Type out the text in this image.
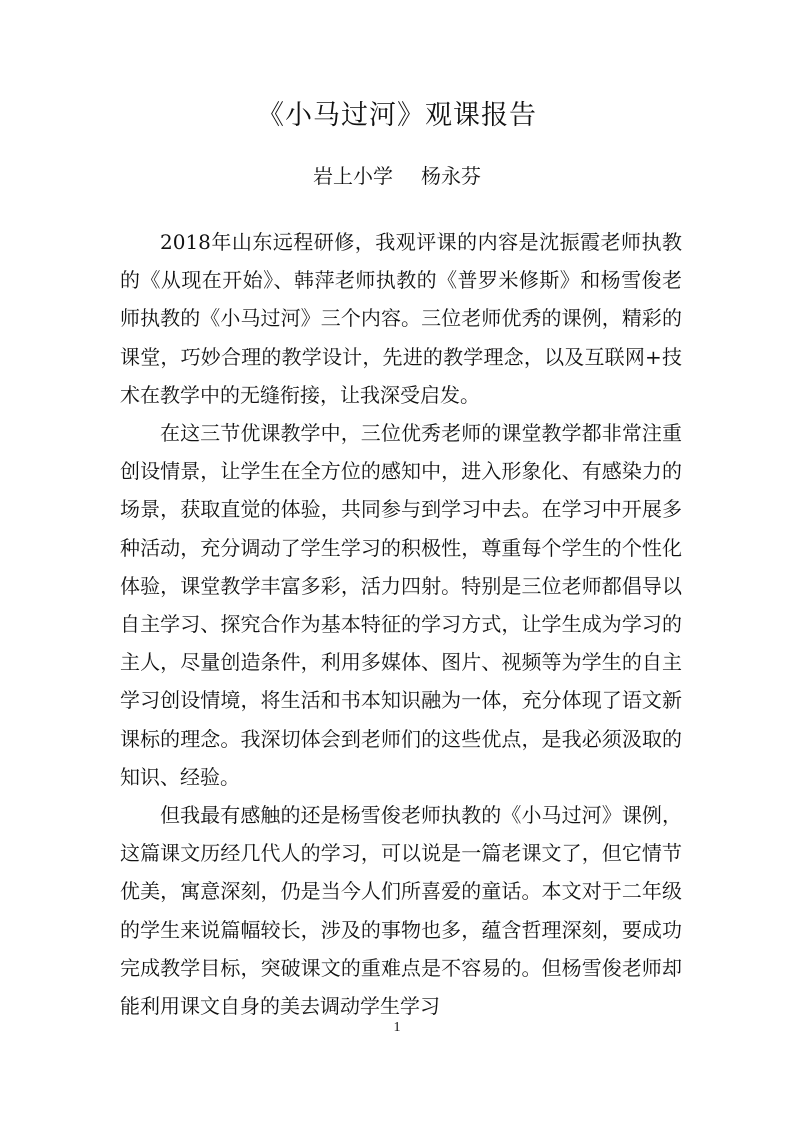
《小马过河》观课报告
岩上小学 杨永芬

2018年山东远程研修，我观评课的内容是沈振霞老师执教的《从现在开始》、韩萍老师执教的《普罗米修斯》和杨雪俊老师执教的《小马过河》三个内容。三位老师优秀的课例，精彩的课堂，巧妙合理的教学设计，先进的教学理念，以及互联网+技术在教学中的无缝衔接，让我深受启发。

在这三节优课教学中，三位优秀老师的课堂教学都非常注重创设情景，让学生在全方位的感知中，进入形象化、有感染力的场景，获取直觉的体验，共同参与到学习中去。在学习中开展多种活动，充分调动了学生学习的积极性，尊重每个学生的个性化体验，课堂教学丰富多彩，活力四射。特别是三位老师都倡导以自主学习、探究合作为基本特征的学习方式，让学生成为学习的主人，尽量创造条件，利用多媒体、图片、视频等为学生的自主学习创设情境，将生活和书本知识融为一体，充分体现了语文新课标的理念。我深切体会到老师们的这些优点，是我必须汲取的知识、经验。

但我最有感触的还是杨雪俊老师执教的《小马过河》课例，这篇课文历经几代人的学习，可以说是一篇老课文了，但它情节优美，寓意深刻，仍是当今人们所喜爱的童话。本文对于二年级的学生来说篇幅较长，涉及的事物也多，蕴含哲理深刻，要成功完成教学目标，突破课文的重难点是不容易的。但杨雪俊老师却能利用课文自身的美去调动学生学习

1
